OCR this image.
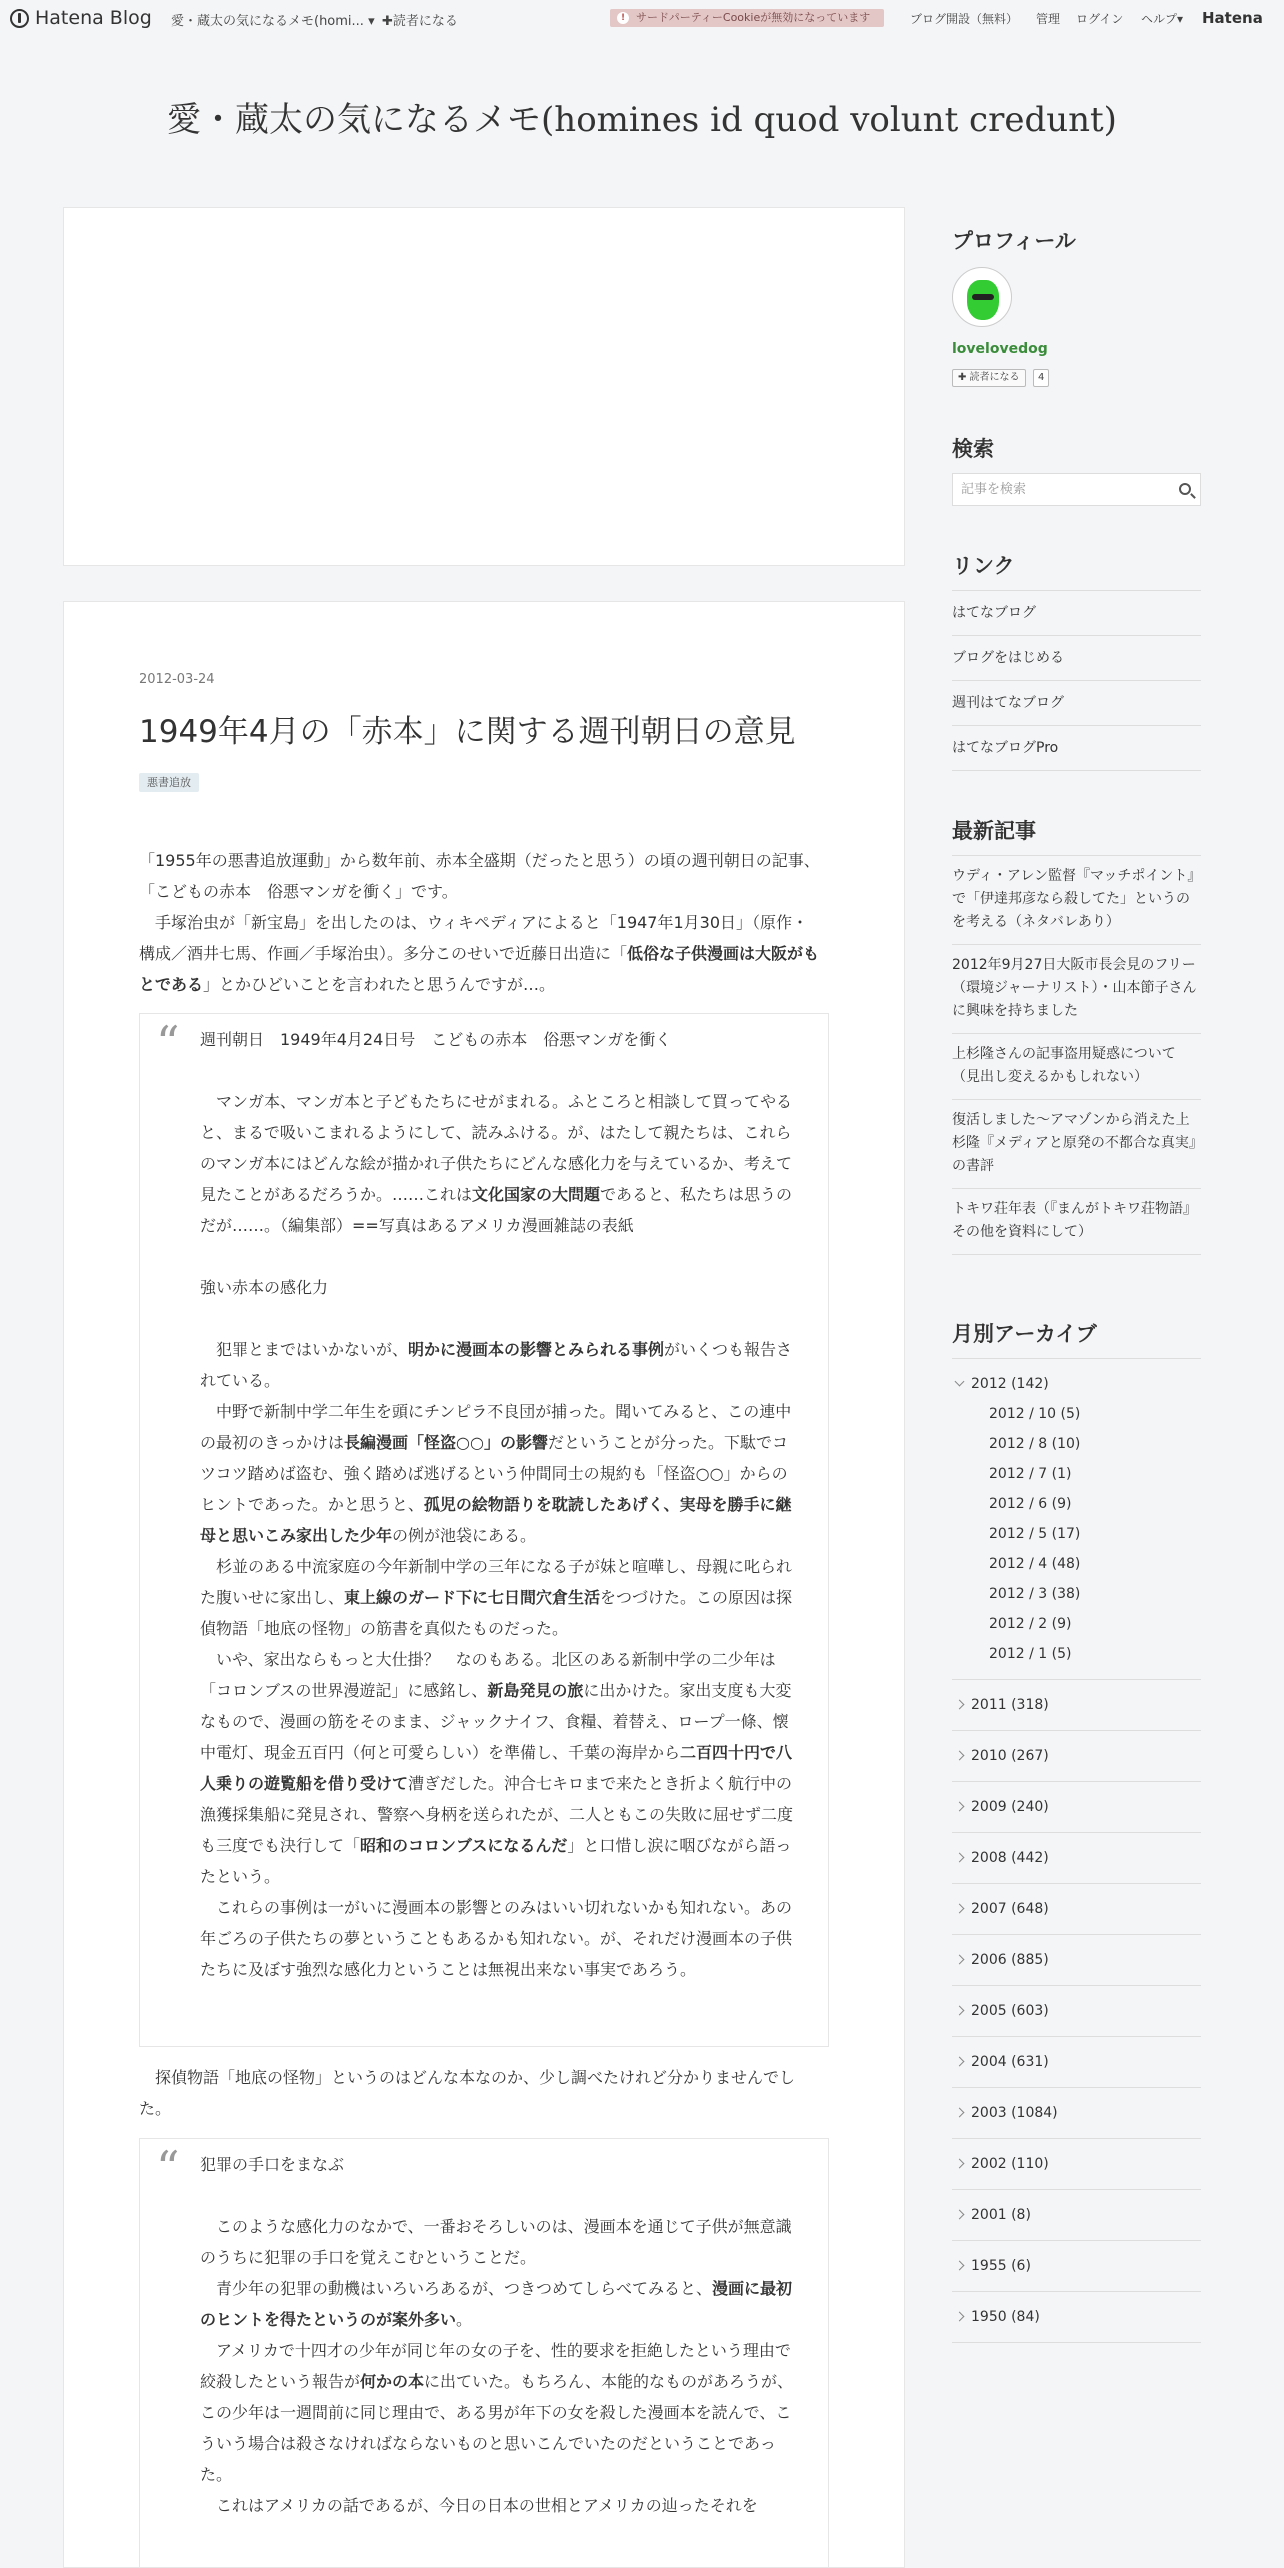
Hatena Blog 愛・蔵太の気になるメモ(homi... ▾ ✚読者になる	! サードパーティーCookieが無効になっています	ブログ開設（無料） 管理 ログイン ヘルプ▾ Hatena
愛・蔵太の気になるメモ(homines id quod volunt credunt)
2012-03-24
1949年4月の「赤本」に関する週刊朝日の意見
悪書追放

「1955年の悪書追放運動」から数年前、赤本全盛期（だったと思う）の頃の週刊朝日の記事、「こどもの赤本　俗悪マンガを衝く」です。

　手塚治虫が「新宝島」を出したのは、ウィキペディアによると「1947年1月30日」（原作・構成／酒井七馬、作画／手塚治虫）。多分このせいで近藤日出造に「低俗な子供漫画は大阪がもとである」とかひどいことを言われたと思うんですが…。

“ 週刊朝日　1949年4月24日号　こどもの赤本　俗悪マンガを衝く

マンガ本、マンガ本と子どもたちにせがまれる。ふところと相談して買ってやると、まるで吸いこまれるようにして、読みふける。が、はたして親たちは、これらのマンガ本にはどんな絵が描かれ子供たちにどんな感化力を与えているか、考えて見たことがあるだろうか。……これは文化国家の大問題であると、私たちは思うのだが……。（編集部）==写真はあるアメリカ漫画雑誌の表紙

強い赤本の感化力

犯罪とまではいかないが、明かに漫画本の影響とみられる事例がいくつも報告されている。

中野で新制中学二年生を頭にチンピラ不良団が捕った。聞いてみると、この連中の最初のきっかけは長編漫画「怪盗○○」の影響だということが分った。下駄でコツコツ踏めば盗む、強く踏めば逃げるという仲間同士の規約も「怪盗○○」からのヒントであった。かと思うと、孤児の絵物語りを耽読したあげく、実母を勝手に継母と思いこみ家出した少年の例が池袋にある。

杉並のある中流家庭の今年新制中学の三年になる子が妹と喧嘩し、母親に叱られた腹いせに家出し、東上線のガード下に七日間穴倉生活をつづけた。この原因は探偵物語「地底の怪物」の筋書を真似たものだった。

いや、家出ならもっと大仕掛？　なのもある。北区のある新制中学の二少年は「コロンブスの世界漫遊記」に感銘し、新島発見の旅に出かけた。家出支度も大変なもので、漫画の筋をそのまま、ジャックナイフ、食糧、着替え、ロープ一條、懐中電灯、現金五百円（何と可愛らしい）を準備し、千葉の海岸から二百四十円で八人乗りの遊覧船を借り受けて漕ぎだした。沖合七キロまで来たとき折よく航行中の漁獲採集船に発見され、警察へ身柄を送られたが、二人ともこの失敗に屈せず二度も三度でも決行して「昭和のコロンブスになるんだ」と口惜し涙に咽びながら語ったという。

これらの事例は一がいに漫画本の影響とのみはいい切れないかも知れない。あの年ごろの子供たちの夢ということもあるかも知れない。が、それだけ漫画本の子供たちに及ぼす強烈な感化力ということは無視出来ない事実であろう。

　探偵物語「地底の怪物」というのはどんな本なのか、少し調べたけれど分かりませんでした。

“ 犯罪の手口をまなぶ

このような感化力のなかで、一番おそろしいのは、漫画本を通じて子供が無意識のうちに犯罪の手口を覚えこむということだ。

青少年の犯罪の動機はいろいろあるが、つきつめてしらべてみると、漫画に最初のヒントを得たというのが案外多い。

アメリカで十四才の少年が同じ年の女の子を、性的要求を拒絶したという理由で絞殺したという報告が何かの本に出ていた。もちろん、本能的なものがあろうが、この少年は一週間前に同じ理由で、ある男が年下の女を殺した漫画本を読んで、こういう場合は殺さなければならないものと思いこんでいたのだということであった。

これはアメリカの話であるが、今日の日本の世相とアメリカの辿ったそれを

プロフィール
lovelovedog
✚ 読者になる	4
検索
記事を検索
リンク
はてなブログ
ブログをはじめる
週刊はてなブログ
はてなブログPro
最新記事
ウディ・アレン監督『マッチポイント』で「伊達邦彦なら殺してた」というのを考える（ネタバレあり）
2012年9月27日大阪市長会見のフリー（環境ジャーナリスト）・山本節子さんに興味を持ちました
上杉隆さんの記事盗用疑惑について（見出し変えるかもしれない）
復活しました～アマゾンから消えた上杉隆『メディアと原発の不都合な真実』の書評
トキワ荘年表（『まんがトキワ荘物語』その他を資料にして）
月別アーカイブ
2012 (142)
2012 / 10 (5)
2012 / 8 (10)
2012 / 7 (1)
2012 / 6 (9)
2012 / 5 (17)
2012 / 4 (48)
2012 / 3 (38)
2012 / 2 (9)
2012 / 1 (5)
2011 (318)
2010 (267)
2009 (240)
2008 (442)
2007 (648)
2006 (885)
2005 (603)
2004 (631)
2003 (1084)
2002 (110)
2001 (8)
1955 (6)
1950 (84)
